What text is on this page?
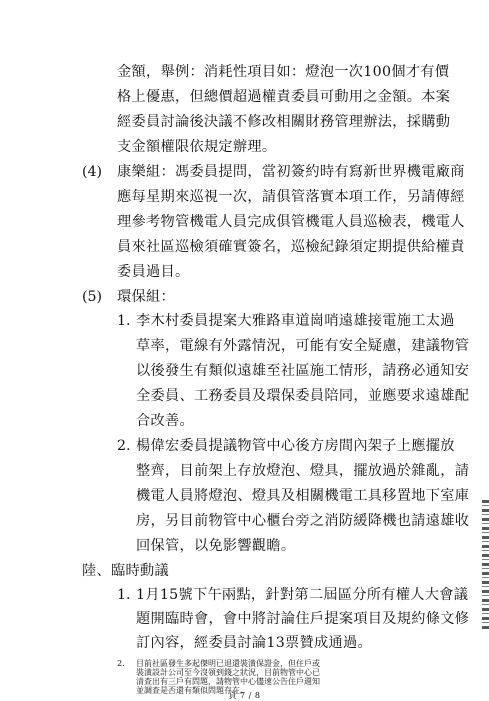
金額，舉例：消耗性項目如：燈泡一次100個才有價
格上優惠，但總價超過權責委員可動用之金額。本案
經委員討論後決議不修改相關財務管理辦法，採購動
支金額權限依規定辦理。
(4) 康樂組：馮委員提問，當初簽約時有寫新世界機電廠商
應每星期來巡視一次，請俱管落實本項工作，另請傳經
理參考物管機電人員完成俱管機電人員巡檢表，機電人
員來社區巡檢須確實簽名，巡檢紀錄須定期提供給權責
委員過目。
(5) 環保組：
1. 李木村委員提案大雅路車道崗哨遠雄接電施工太過
草率，電線有外露情況，可能有安全疑慮，建議物管
以後發生有類似遠雄至社區施工情形，請務必通知安
全委員、工務委員及環保委員陪同，並應要求遠雄配
合改善。
2. 楊偉宏委員提議物管中心後方房間內架子上應擺放
整齊，目前架上存放燈泡、燈具，擺放過於雜亂，請
機電人員將燈泡、燈具及相關機電工具移置地下室庫
房，另目前物管中心櫃台旁之消防緩降機也請遠雄收
回保管，以免影響觀瞻。
陸、臨時動議
1. 1月15號下午兩點，針對第二屆區分所有權人大會議
題開臨時會，會中將討論住戶提案項目及規約條文修
訂內容，經委員討論13票贊成通過。
2. 目前社區發生多起傑明已退還裝潢保證金，但住戶或
裝潢設計公司至今沒領到錢之狀況，目前物管中心已
清查出有三戶有問題，請物管中心儘速公告住戶週知
並調查是否還有類似問題存在。
頁 7 / 8
